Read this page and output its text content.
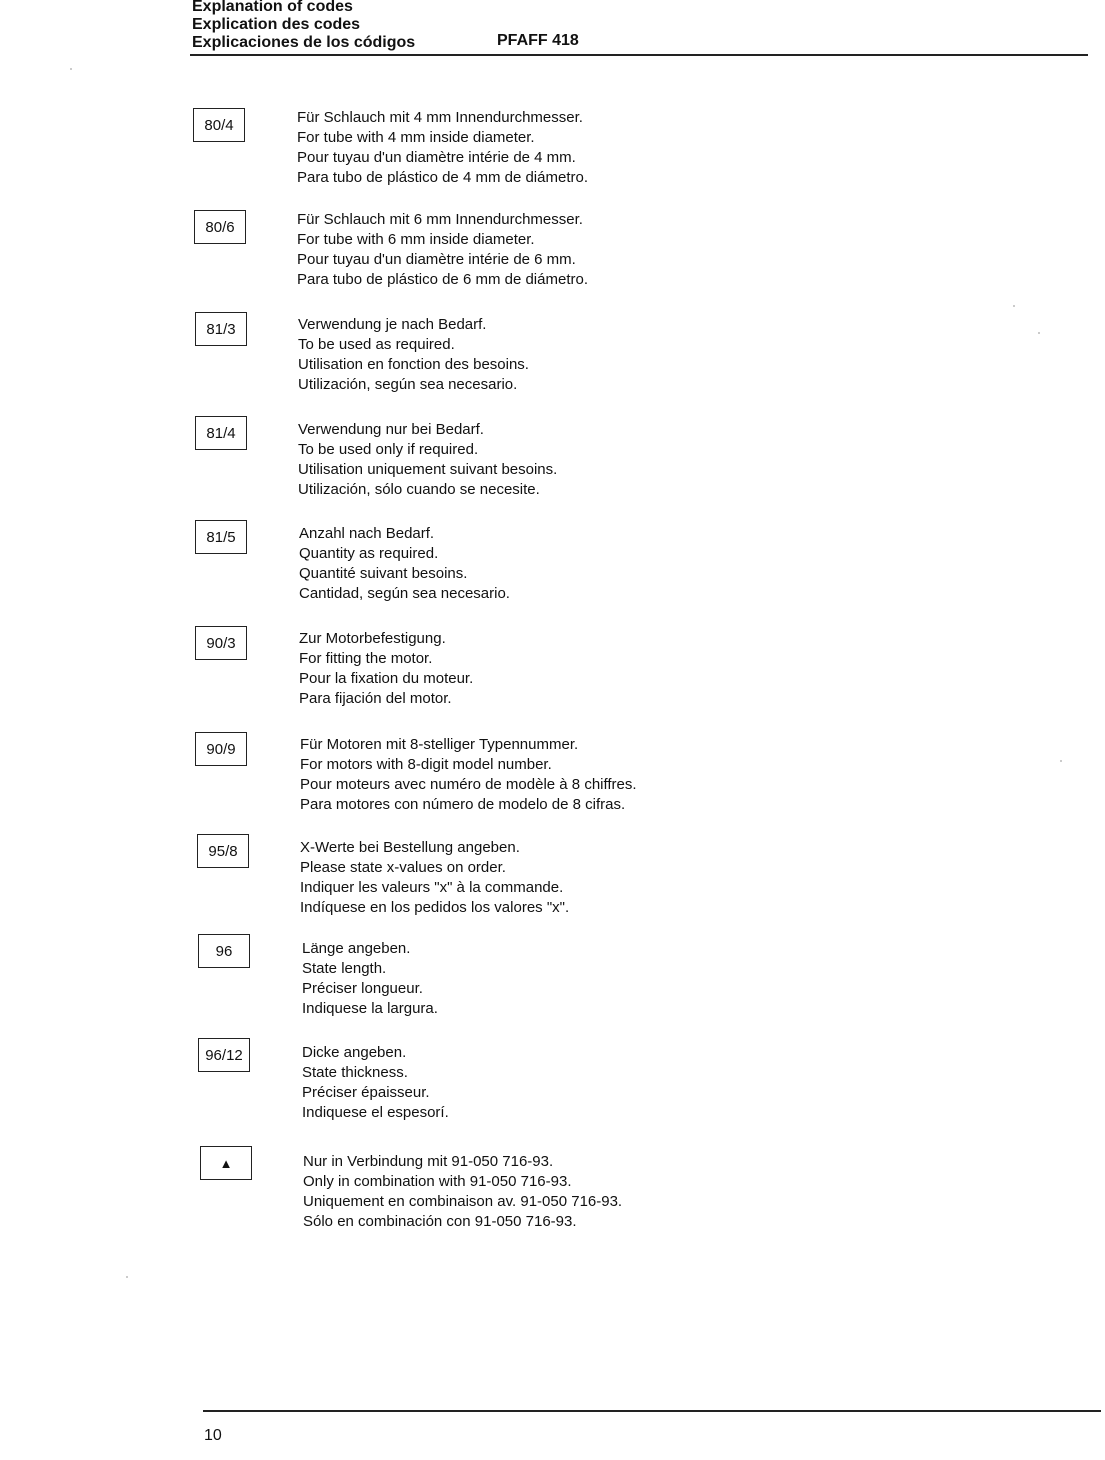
Explanation of codes
Explication des codes
Explicaciones de los códigos	PFAFF 418
80/4	Für Schlauch mit 4 mm Innendurchmesser.
For tube with 4 mm inside diameter.
Pour tuyau d'un diamètre intérie de 4 mm.
Para tubo de plástico de 4 mm de diámetro.
80/6	Für Schlauch mit 6 mm Innendurchmesser.
For tube with 6 mm inside diameter.
Pour tuyau d'un diamètre intérie de 6 mm.
Para tubo de plástico de 6 mm de diámetro.
81/3	Verwendung je nach Bedarf.
To be used as required.
Utilisation en fonction des besoins.
Utilización, según sea necesario.
81/4	Verwendung nur bei Bedarf.
To be used only if required.
Utilisation uniquement suivant besoins.
Utilización, sólo cuando se necesite.
81/5	Anzahl nach Bedarf.
Quantity as required.
Quantité suivant besoins.
Cantidad, según sea necesario.
90/3	Zur Motorbefestigung.
For fitting the motor.
Pour la fixation du moteur.
Para fijación del motor.
90/9	Für Motoren mit 8-stelliger Typennummer.
For motors with 8-digit model number.
Pour moteurs avec numéro de modèle à 8 chiffres.
Para motores con número de modelo de 8 cifras.
95/8	X-Werte bei Bestellung angeben.
Please state x-values on order.
Indiquer les valeurs "x" à la commande.
Indíquese en los pedidos los valores "x".
96	Länge angeben.
State length.
Préciser longueur.
Indiquese la largura.
96/12	Dicke angeben.
State thickness.
Préciser épaisseur.
Indiquese el espesorí.
▲	Nur in Verbindung mit 91-050 716-93.
Only in combination with 91-050 716-93.
Uniquement en combinaison av. 91-050 716-93.
Sólo en combinación con 91-050 716-93.
10
